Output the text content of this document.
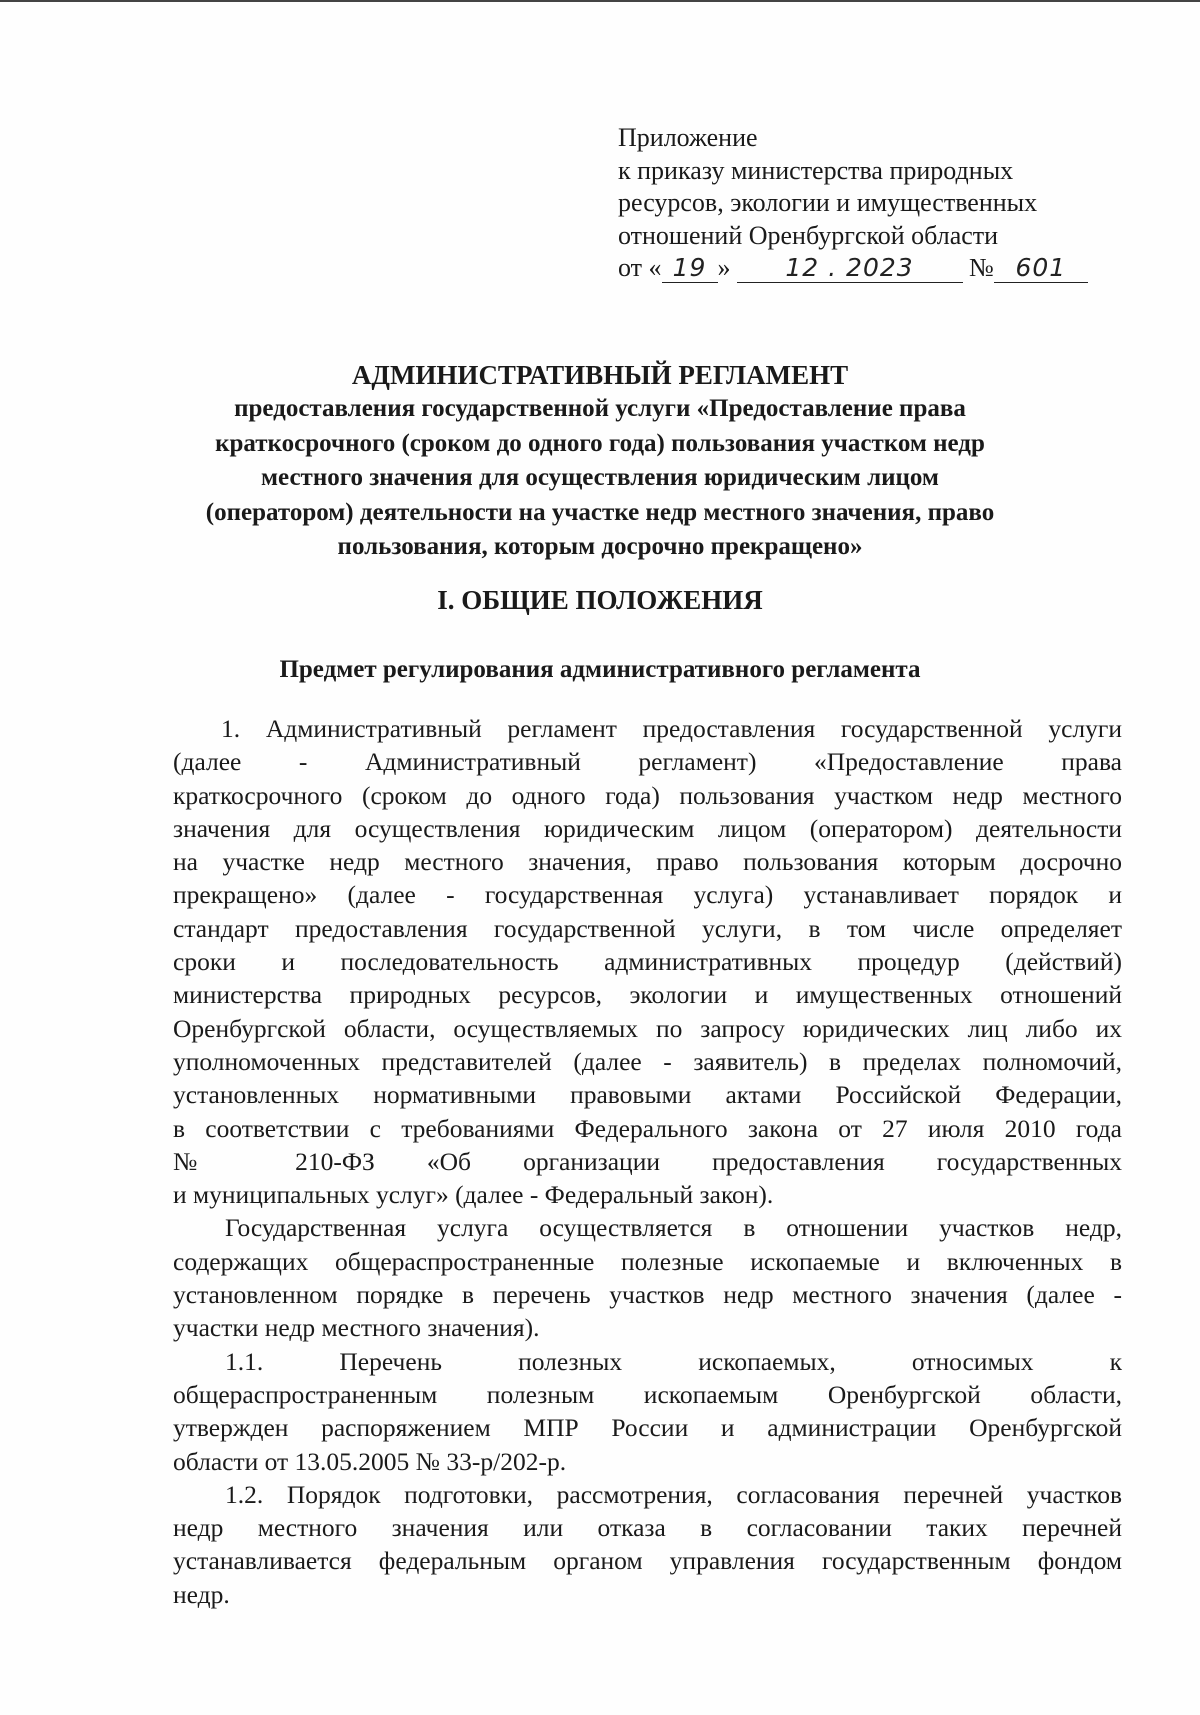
Приложение
к приказу министерства природных
ресурсов, экологии и имущественных
отношений Оренбургской области
от « 19 » 12 . 2023 № 601
АДМИНИСТРАТИВНЫЙ РЕГЛАМЕНТ
предоставления государственной услуги «Предоставление права
краткосрочного (сроком до одного года) пользования участком недр
местного значения для осуществления юридическим лицом
(оператором) деятельности на участке недр местного значения, право
пользования, которым досрочно прекращено»
I. ОБЩИЕ ПОЛОЖЕНИЯ
Предмет регулирования административного регламента
1. Административный регламент предоставления государственной услуги
(далее - Административный регламент) «Предоставление права
краткосрочного (сроком до одного года) пользования участком недр местного
значения для осуществления юридическим лицом (оператором) деятельности
на участке недр местного значения, право пользования которым досрочно
прекращено» (далее - государственная услуга) устанавливает порядок и
стандарт предоставления государственной услуги, в том числе определяет
сроки и последовательность административных процедур (действий)
министерства природных ресурсов, экологии и имущественных отношений
Оренбургской области, осуществляемых по запросу юридических лиц либо их
уполномоченных представителей (далее - заявитель) в пределах полномочий,
установленных нормативными правовыми актами Российской Федерации,
в соответствии с требованиями Федерального закона от 27 июля 2010 года
№ 210-ФЗ «Об организации предоставления государственных
и муниципальных услуг» (далее - Федеральный закон).
Государственная услуга осуществляется в отношении участков недр,
содержащих общераспространенные полезные ископаемые и включенных в
установленном порядке в перечень участков недр местного значения (далее -
участки недр местного значения).
1.1. Перечень полезных ископаемых, относимых к
общераспространенным полезным ископаемым Оренбургской области,
утвержден распоряжением МПР России и администрации Оренбургской
области от 13.05.2005 № 33-р/202-р.
1.2. Порядок подготовки, рассмотрения, согласования перечней участков
недр местного значения или отказа в согласовании таких перечней
устанавливается федеральным органом управления государственным фондом
недр.
